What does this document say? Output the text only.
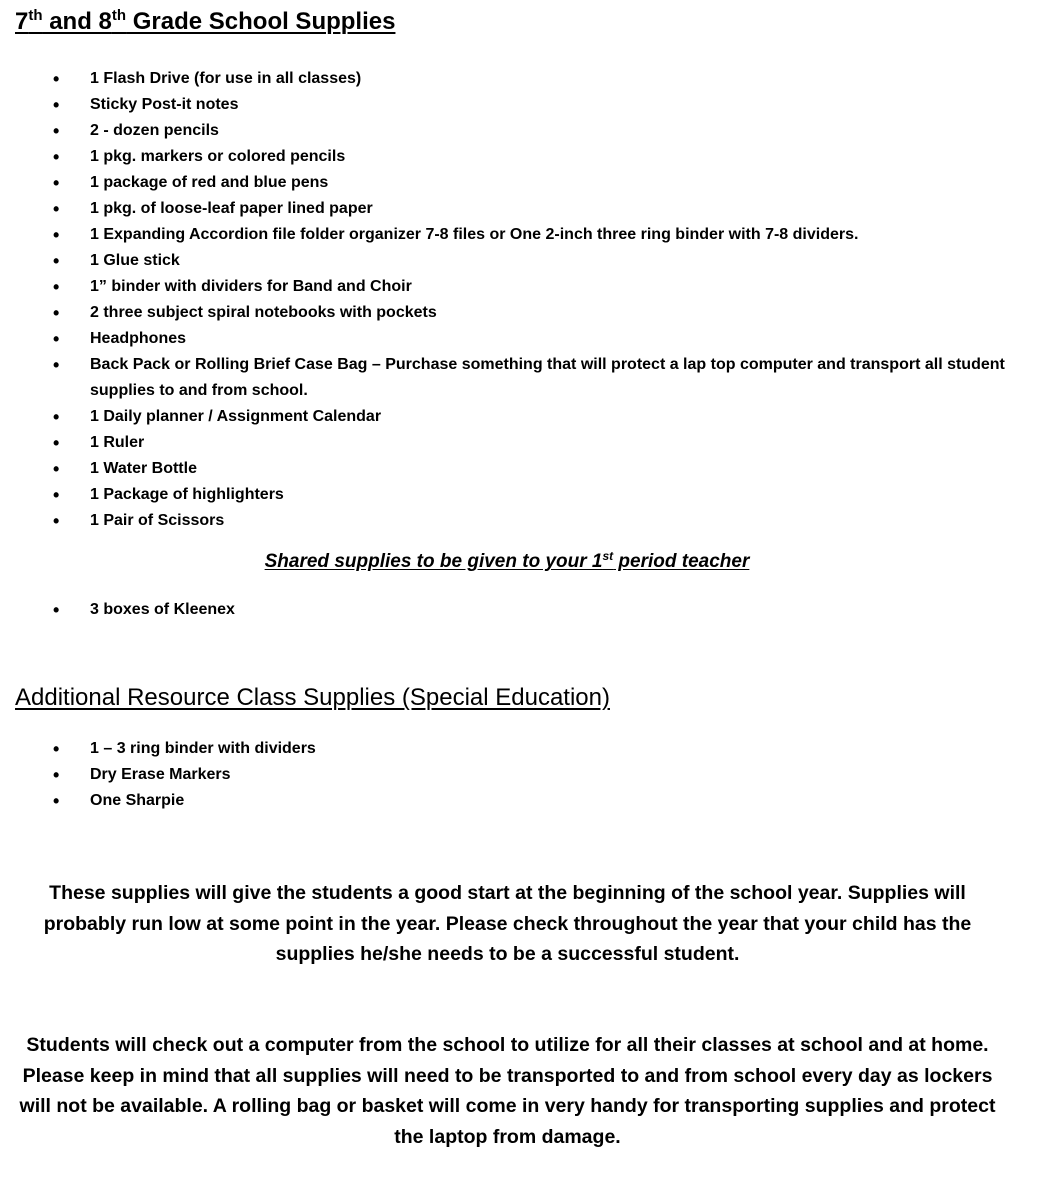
7th and 8th Grade School Supplies
• 1 Flash Drive (for use in all classes)
• Sticky Post-it notes
• 2 - dozen pencils
• 1 pkg. markers or colored pencils
• 1 package of red and blue pens
• 1 pkg. of loose-leaf paper lined paper
• 1 Expanding Accordion file folder organizer 7-8 files or One 2-inch three ring binder with 7-8 dividers.
• 1 Glue stick
• 1” binder with dividers for Band and Choir
• 2 three subject spiral notebooks with pockets
• Headphones
• Back Pack or Rolling Brief Case Bag – Purchase something that will protect a lap top computer and transport all student supplies to and from school.
• 1 Daily planner / Assignment Calendar
• 1 Ruler
• 1 Water Bottle
• 1 Package of highlighters
• 1 Pair of Scissors
Shared supplies to be given to your 1st period teacher
• 3 boxes of Kleenex
Additional Resource Class Supplies (Special Education)
• 1 – 3 ring binder with dividers
• Dry Erase Markers
• One Sharpie

These supplies will give the students a good start at the beginning of the school year. Supplies will probably run low at some point in the year. Please check throughout the year that your child has the supplies he/she needs to be a successful student.

Students will check out a computer from the school to utilize for all their classes at school and at home. Please keep in mind that all supplies will need to be transported to and from school every day as lockers will not be available. A rolling bag or basket will come in very handy for transporting supplies and protect the laptop from damage.
